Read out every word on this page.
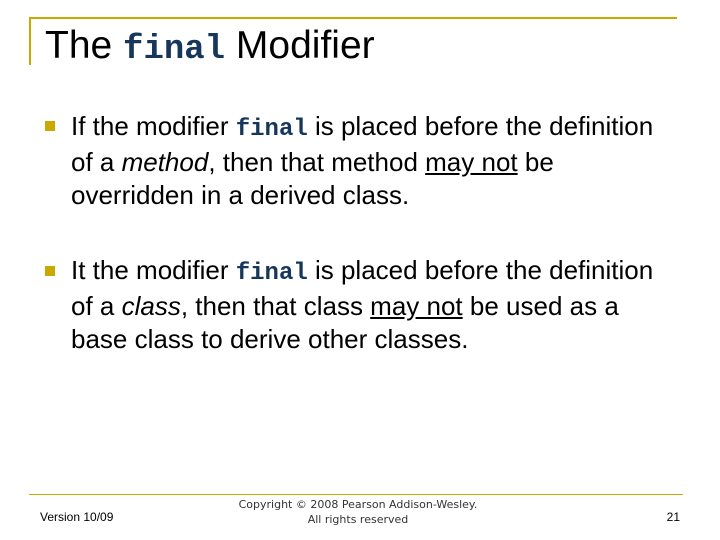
The final Modifier
If the modifier final is placed before the definition of a method, then that method may not be overridden in a derived class.
It the modifier final is placed before the definition of a class, then that class may not be used as a base class to derive other classes.
Version 10/09
Copyright © 2008 Pearson Addison-Wesley.
All rights reserved	21
